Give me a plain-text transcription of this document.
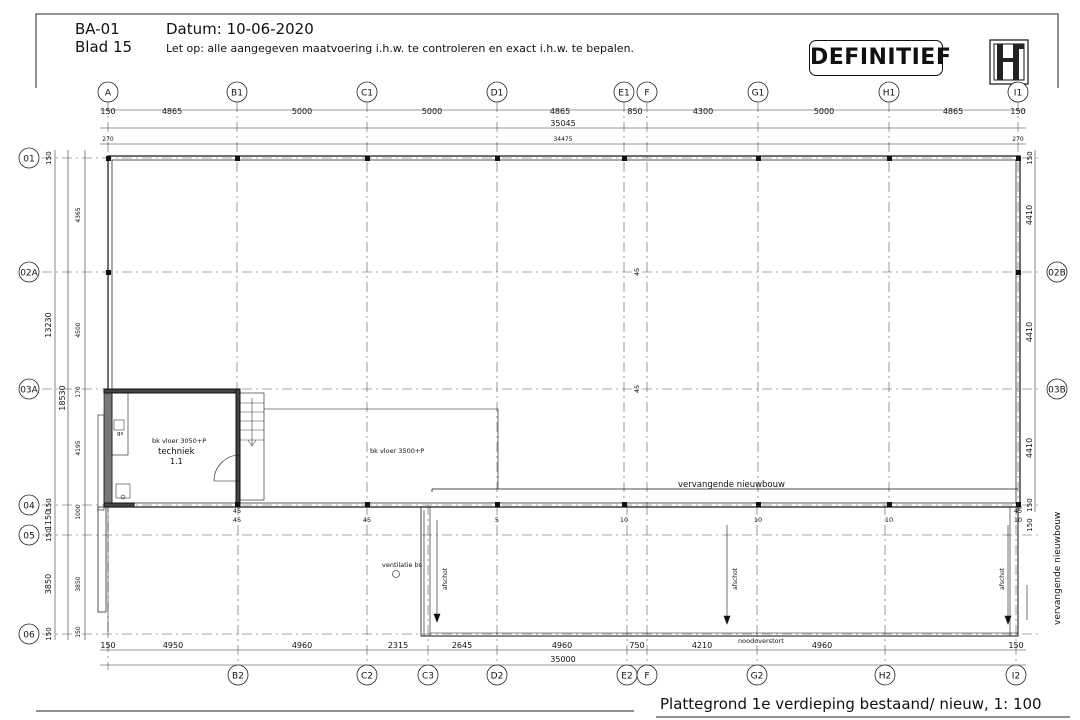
BA-01
Blad 15
Datum: 10-06-2020
Let op: alle aangegeven maatvoering i.h.w. te controleren en exact i.h.w. te bepalen.	DEFINITIEF
Plattegrond 1e verdieping bestaand/ nieuw, 1: 100
A	B1	C1	D1	E1 F	G1	H1	I1
B2	C2	C3	D2	E2 F	G2	H2	I2
01
02A
03A
04
05
06
02B
03B
150	4865	5000	5000	4865	850	4300	5000	4865	150
35045
34475
270	270
150	4950	4960	2315	2645	4960	750	4210	4960	150
35000
13230
18530
1150
3850
150
150
150
150
4365
4500
4195
170
1000
3850
150
4410
4410
4410
150
150
150
45
45
45	45	5	10	10	10	10
45	45
bk vloer 3050+P
techniek
1.1
bk vloer 3500+P
gs
vervangende nieuwbouw
ventilatie bs
noodoverstort
afschot	afschot	afschot	vervangende nieuwbouw
